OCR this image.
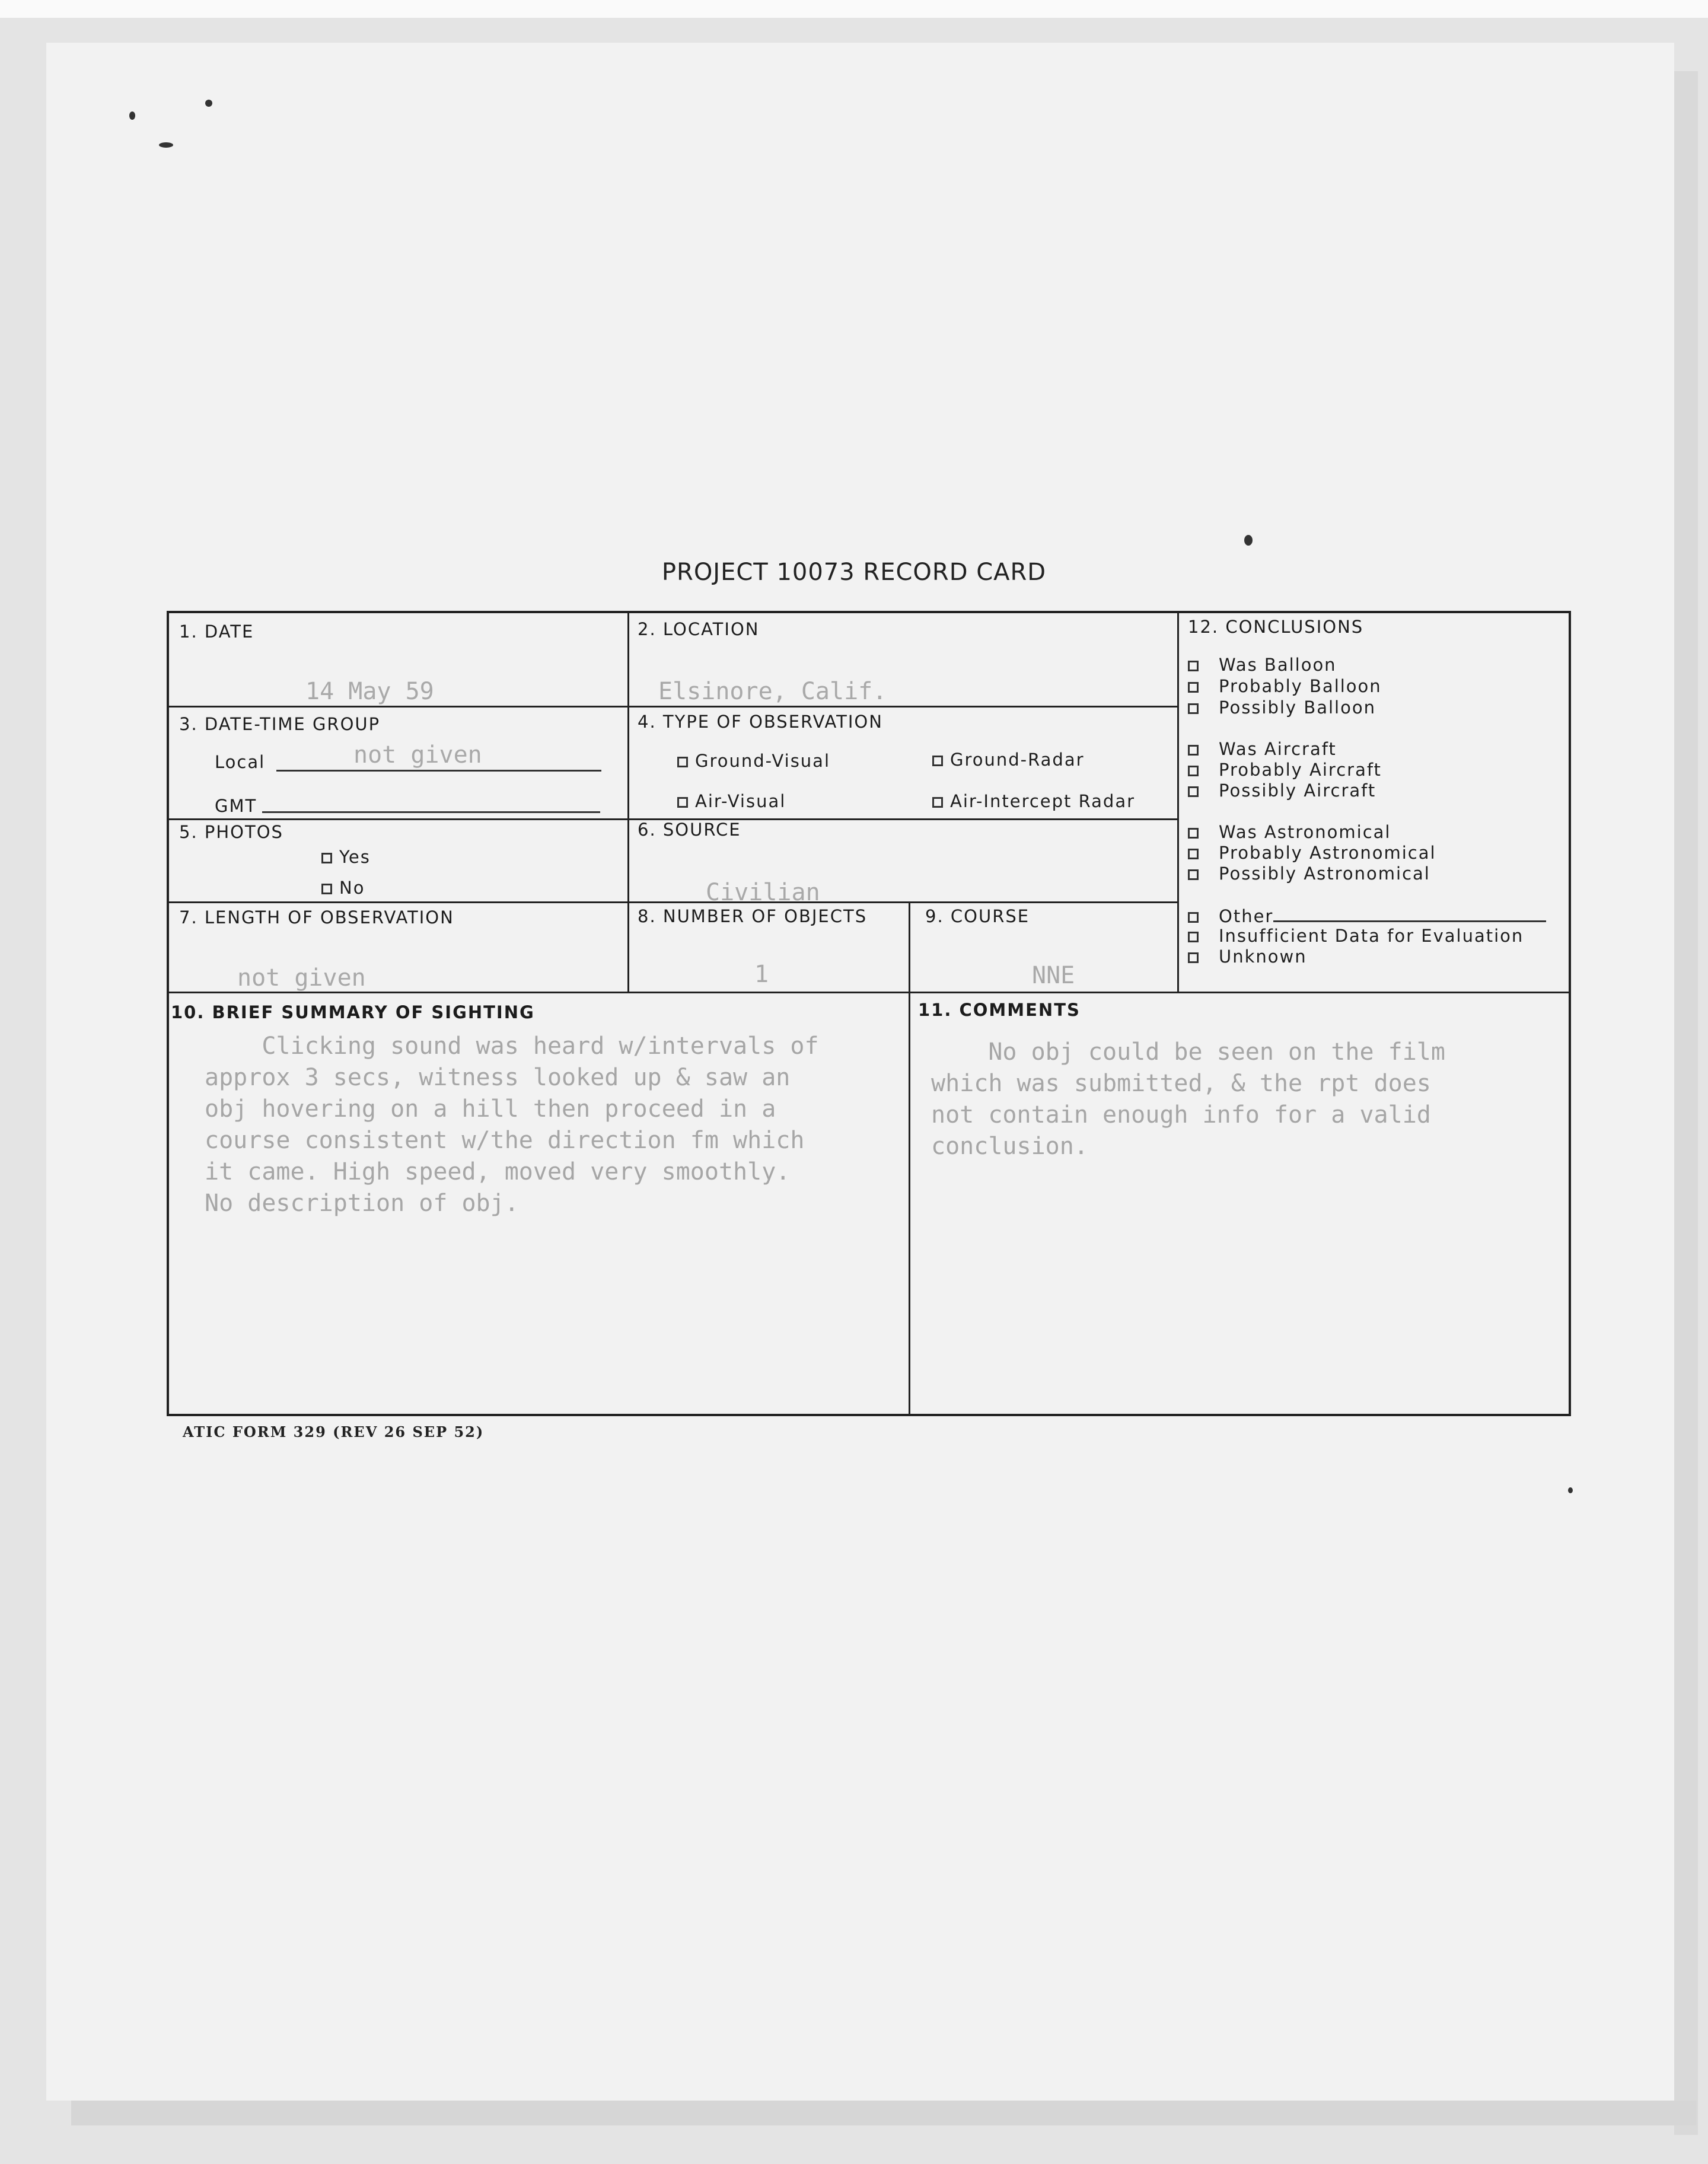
PROJECT 10073 RECORD CARD
1. DATE
14 May 59
2. LOCATION
Elsinore, Calif.
3. DATE-TIME GROUP
Local	not given
GMT
4. TYPE OF OBSERVATION
Ground-Visual	Ground-Radar
Air-Visual	Air-Intercept Radar
5. PHOTOS
Yes
No
6. SOURCE
Civilian
7. LENGTH OF OBSERVATION
not given
8. NUMBER OF OBJECTS
1
9. COURSE
NNE
10. BRIEF SUMMARY OF SIGHTING
Clicking sound was heard w/intervals of
approx 3 secs, witness looked up & saw an
obj hovering on a hill then proceed in a
course consistent w/the direction fm which
it came. High speed, moved very smoothly.
No description of obj.
11. COMMENTS
No obj could be seen on the film
which was submitted, & the rpt does
not contain enough info for a valid
conclusion.
12. CONCLUSIONS
Was Balloon
Probably Balloon
Possibly Balloon
Was Aircraft
Probably Aircraft
Possibly Aircraft
Was Astronomical
Probably Astronomical
Possibly Astronomical
Other
Insufficient Data for Evaluation
Unknown
ATIC FORM 329 (REV 26 SEP 52)
